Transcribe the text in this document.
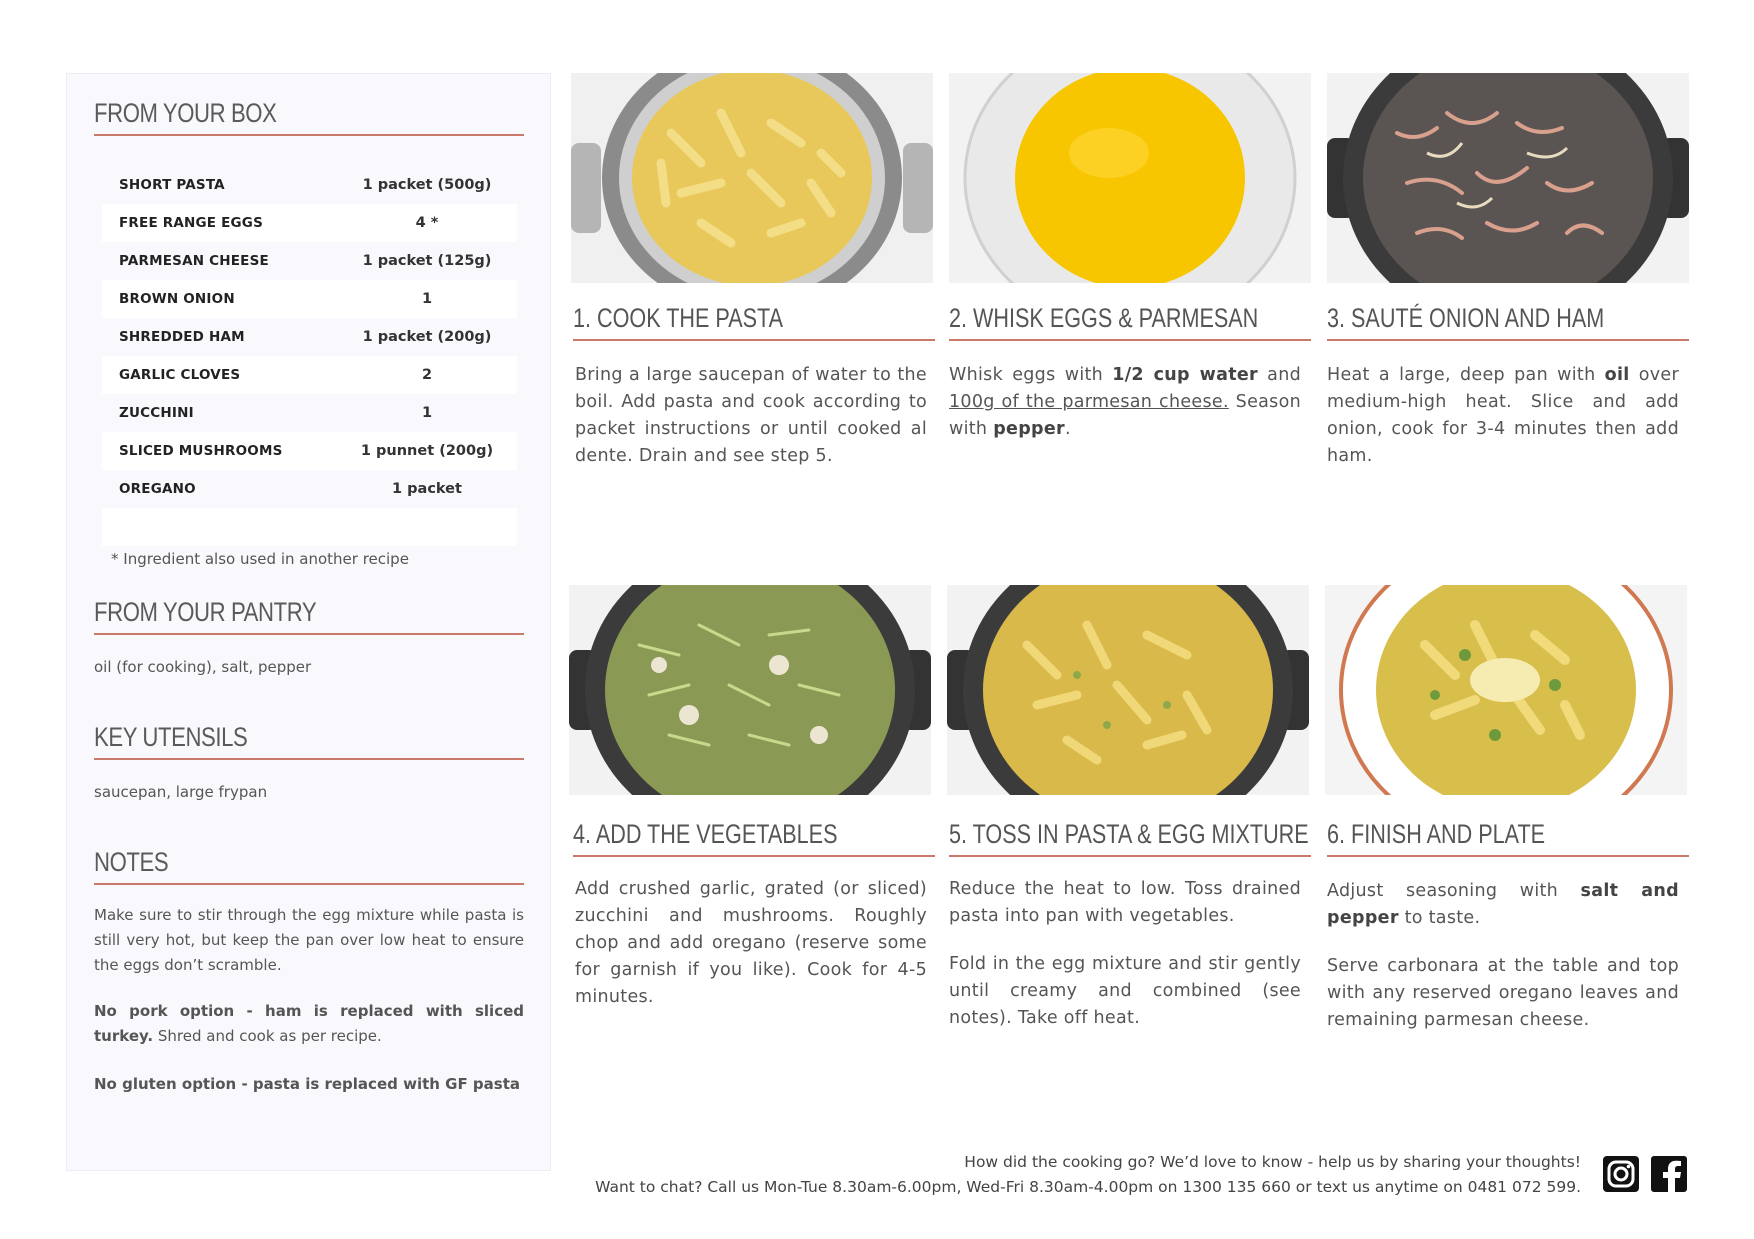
FROM YOUR BOX
SHORT PASTA	1 packet (500g)
FREE RANGE EGGS	4 *
PARMESAN CHEESE	1 packet (125g)
BROWN ONION	1
SHREDDED HAM	1 packet (200g)
GARLIC CLOVES	2
ZUCCHINI	1
SLICED MUSHROOMS	1 punnet (200g)
OREGANO	1 packet
* Ingredient also used in another recipe
FROM YOUR PANTRY
oil (for cooking), salt, pepper
KEY UTENSILS
saucepan, large frypan
NOTES
Make sure to stir through the egg mixture while pasta is still very hot, but keep the pan over low heat to ensure the eggs don’t scramble.
No pork option - ham is replaced with sliced turkey. Shred and cook as per recipe.
No gluten option - pasta is replaced with GF pasta
1. COOK THE PASTA	2. WHISK EGGS & PARMESAN	3. SAUTÉ ONION AND HAM
4. ADD THE VEGETABLES	5. TOSS IN PASTA & EGG MIXTURE 6. FINISH AND PLATE
Bring a large saucepan of water to the boil. Add pasta and cook according to packet instructions or until cooked al dente. Drain and see step 5.
Whisk eggs with 1/2 cup water and 100g of the parmesan cheese. Season with pepper.
Heat a large, deep pan with oil over medium-high heat. Slice and add onion, cook for 3-4 minutes then add ham.
Add crushed garlic, grated (or sliced) zucchini and mushrooms. Roughly chop and add oregano (reserve some for garnish if you like). Cook for 4-5 minutes.

Reduce the heat to low. Toss drained pasta into pan with vegetables.

Fold in the egg mixture and stir gently until creamy and combined (see notes). Take off heat.

Adjust seasoning with salt and pepper to taste.

Serve carbonara at the table and top with any reserved oregano leaves and remaining parmesan cheese.

How did the cooking go? We’d love to know - help us by sharing your thoughts!
Want to chat? Call us Mon-Tue 8.30am-6.00pm, Wed-Fri 8.30am-4.00pm on 1300 135 660 or text us anytime on 0481 072 599.
